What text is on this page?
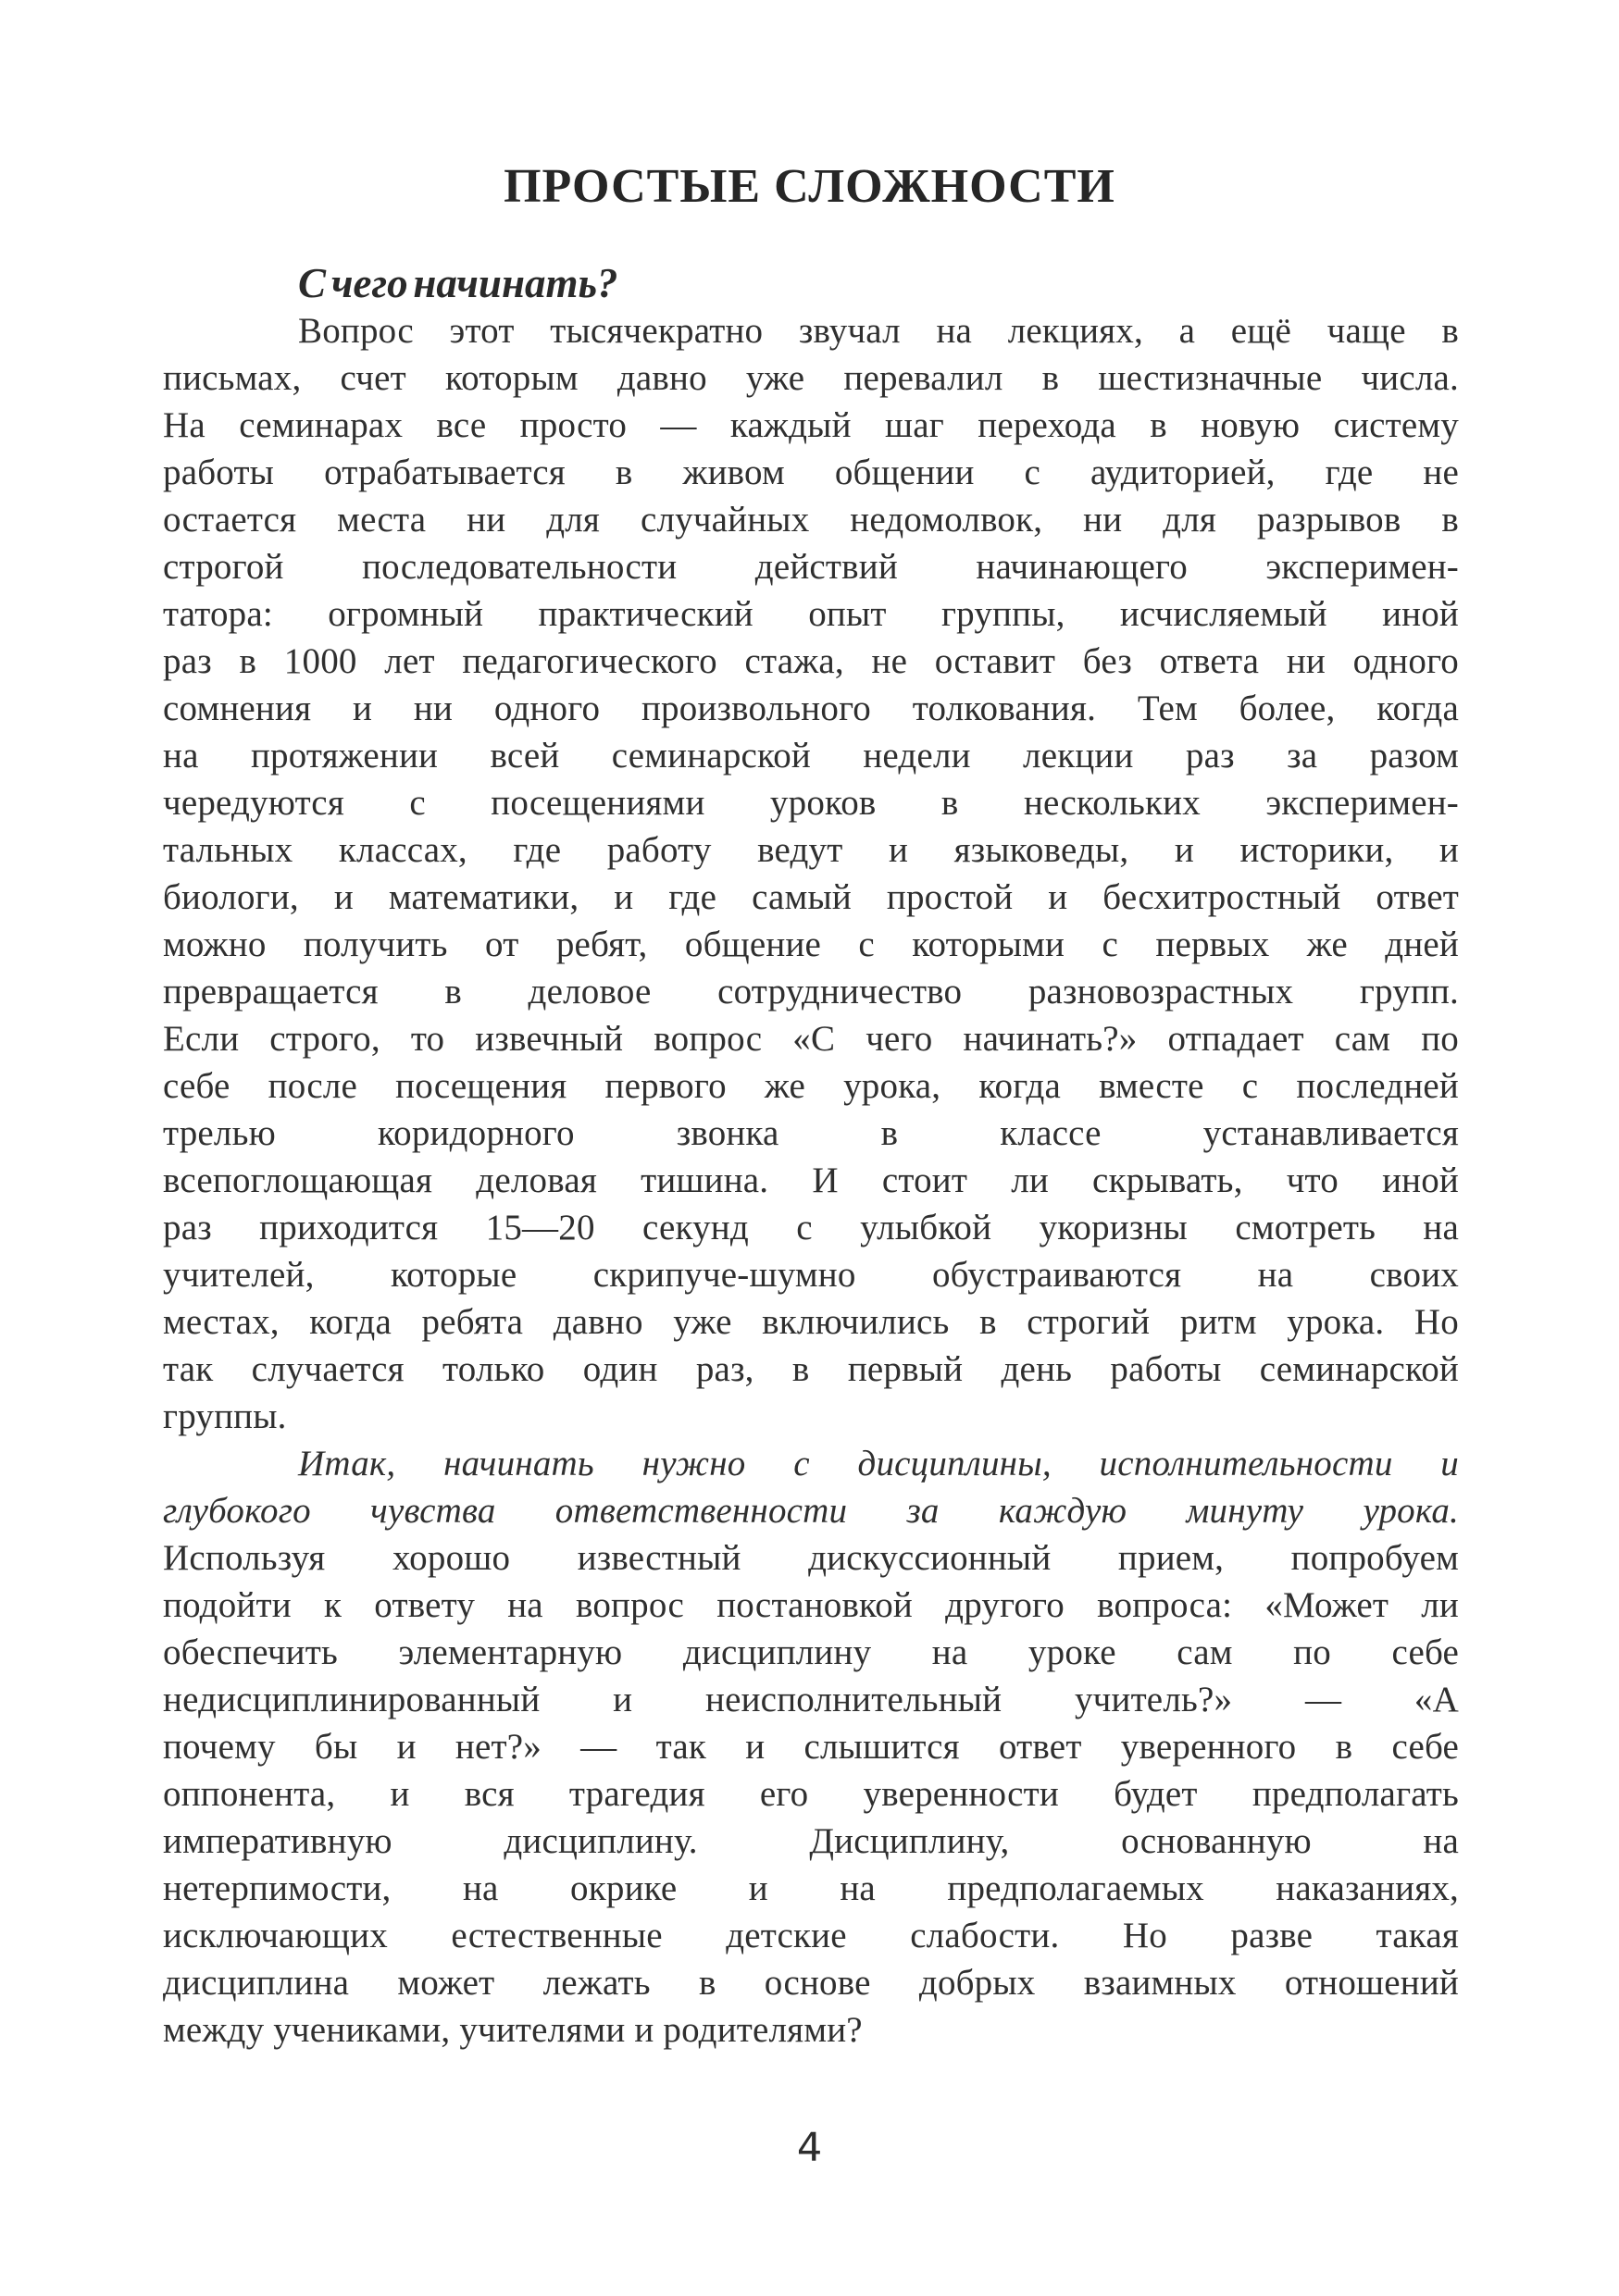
ПРОСТЫЕ СЛОЖНОСТИ
С чего начинать?
Вопрос этот тысячекратно звучал на лекциях, а ещё чаще в
письмах, счет которым давно уже перевалил в шестизначные числа.
На семинарах все просто — каждый шаг перехода в новую систему
работы отрабатывается в живом общении с аудиторией, где не
остается места ни для случайных недомолвок, ни для разрывов в
строгой последовательности действий начинающего эксперимен-
татора: огромный практический опыт группы, исчисляемый иной
раз в 1000 лет педагогического стажа, не оставит без ответа ни одного
сомнения и ни одного произвольного толкования. Тем более, когда
на протяжении всей семинарской недели лекции раз за разом
чередуются с посещениями уроков в нескольких эксперимен-
тальных классах, где работу ведут и языковеды, и историки, и
биологи, и математики, и где самый простой и бесхитростный ответ
можно получить от ребят, общение с которыми с первых же дней
превращается в деловое сотрудничество разновозрастных групп.
Если строго, то извечный вопрос «С чего начинать?» отпадает сам по
себе после посещения первого же урока, когда вместе с последней
трелью коридорного звонка в классе устанавливается
всепоглощающая деловая тишина. И стоит ли скрывать, что иной
раз приходится 15—20 секунд с улыбкой укоризны смотреть на
учителей, которые скрипуче-шумно обустраиваются на своих
местах, когда ребята давно уже включились в строгий ритм урока. Но
так случается только один раз, в первый день работы семинарской
группы.
Итак, начинать нужно с дисциплины, исполнительности и
глубокого чувства ответственности за каждую минуту урока.
Используя хорошо известный дискуссионный прием, попробуем
подойти к ответу на вопрос постановкой другого вопроса: «Может ли
обеспечить элементарную дисциплину на уроке сам по себе
недисциплинированный и неисполнительный учитель?» — «А
почему бы и нет?» — так и слышится ответ уверенного в себе
оппонента, и вся трагедия его уверенности будет предполагать
императивную дисциплину. Дисциплину, основанную на
нетерпимости, на окрике и на предполагаемых наказаниях,
исключающих естественные детские слабости. Но разве такая
дисциплина может лежать в основе добрых взаимных отношений
между учениками, учителями и родителями?
4
